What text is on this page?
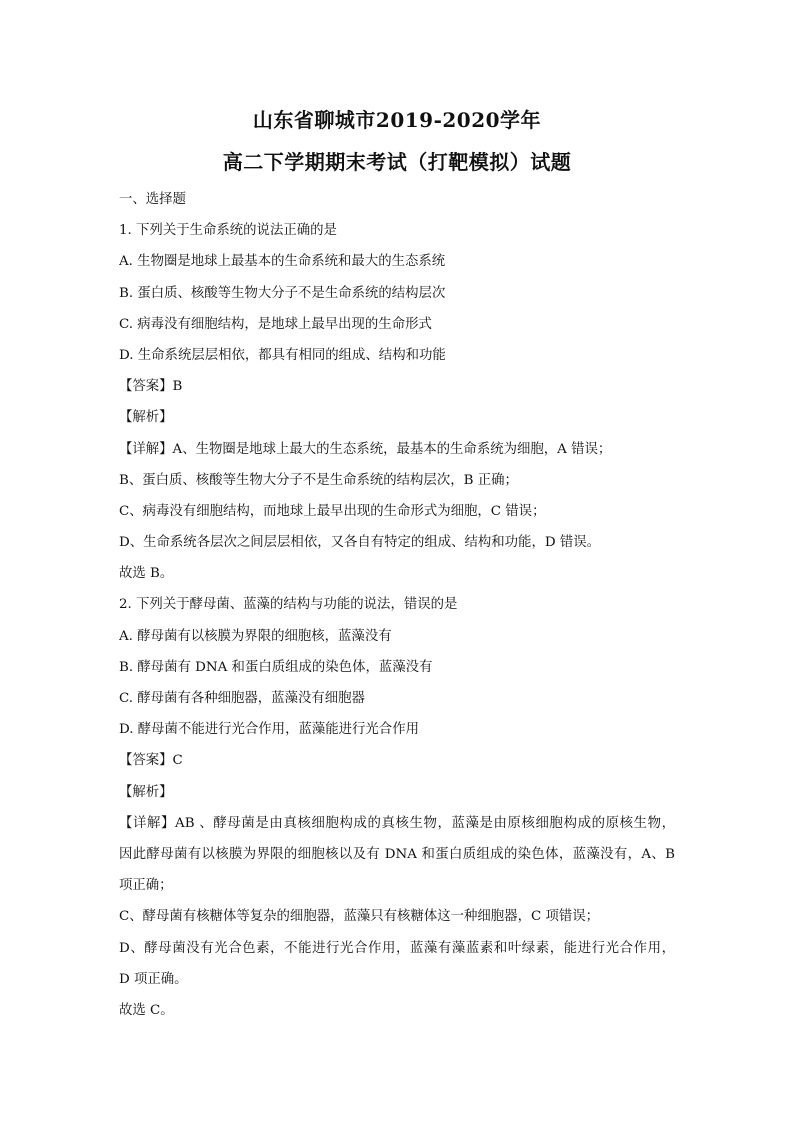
山东省聊城市2019-2020学年
高二下学期期末考试（打靶模拟）试题
一、选择题
1. 下列关于生命系统的说法正确的是
A. 生物圈是地球上最基本的生命系统和最大的生态系统
B. 蛋白质、核酸等生物大分子不是生命系统的结构层次
C. 病毒没有细胞结构，是地球上最早出现的生命形式
D. 生命系统层层相依，都具有相同的组成、结构和功能
【答案】B
【解析】
【详解】A、生物圈是地球上最大的生态系统，最基本的生命系统为细胞，A 错误；
B、蛋白质、核酸等生物大分子不是生命系统的结构层次，B 正确；
C、病毒没有细胞结构，而地球上最早出现的生命形式为细胞，C 错误；
D、生命系统各层次之间层层相依，又各自有特定的组成、结构和功能，D 错误。
故选 B。
2. 下列关于酵母菌、蓝藻的结构与功能的说法，错误的是
A. 酵母菌有以核膜为界限的细胞核，蓝藻没有
B. 酵母菌有 DNA 和蛋白质组成的染色体，蓝藻没有
C. 酵母菌有各种细胞器，蓝藻没有细胞器
D. 酵母菌不能进行光合作用，蓝藻能进行光合作用
【答案】C
【解析】
【详解】AB 、酵母菌是由真核细胞构成的真核生物，蓝藻是由原核细胞构成的原核生物，
因此酵母菌有以核膜为界限的细胞核以及有 DNA 和蛋白质组成的染色体，蓝藻没有，A、B
项正确；
C、酵母菌有核糖体等复杂的细胞器，蓝藻只有核糖体这一种细胞器，C 项错误；
D、酵母菌没有光合色素，不能进行光合作用，蓝藻有藻蓝素和叶绿素，能进行光合作用，
D 项正确。
故选 C。
